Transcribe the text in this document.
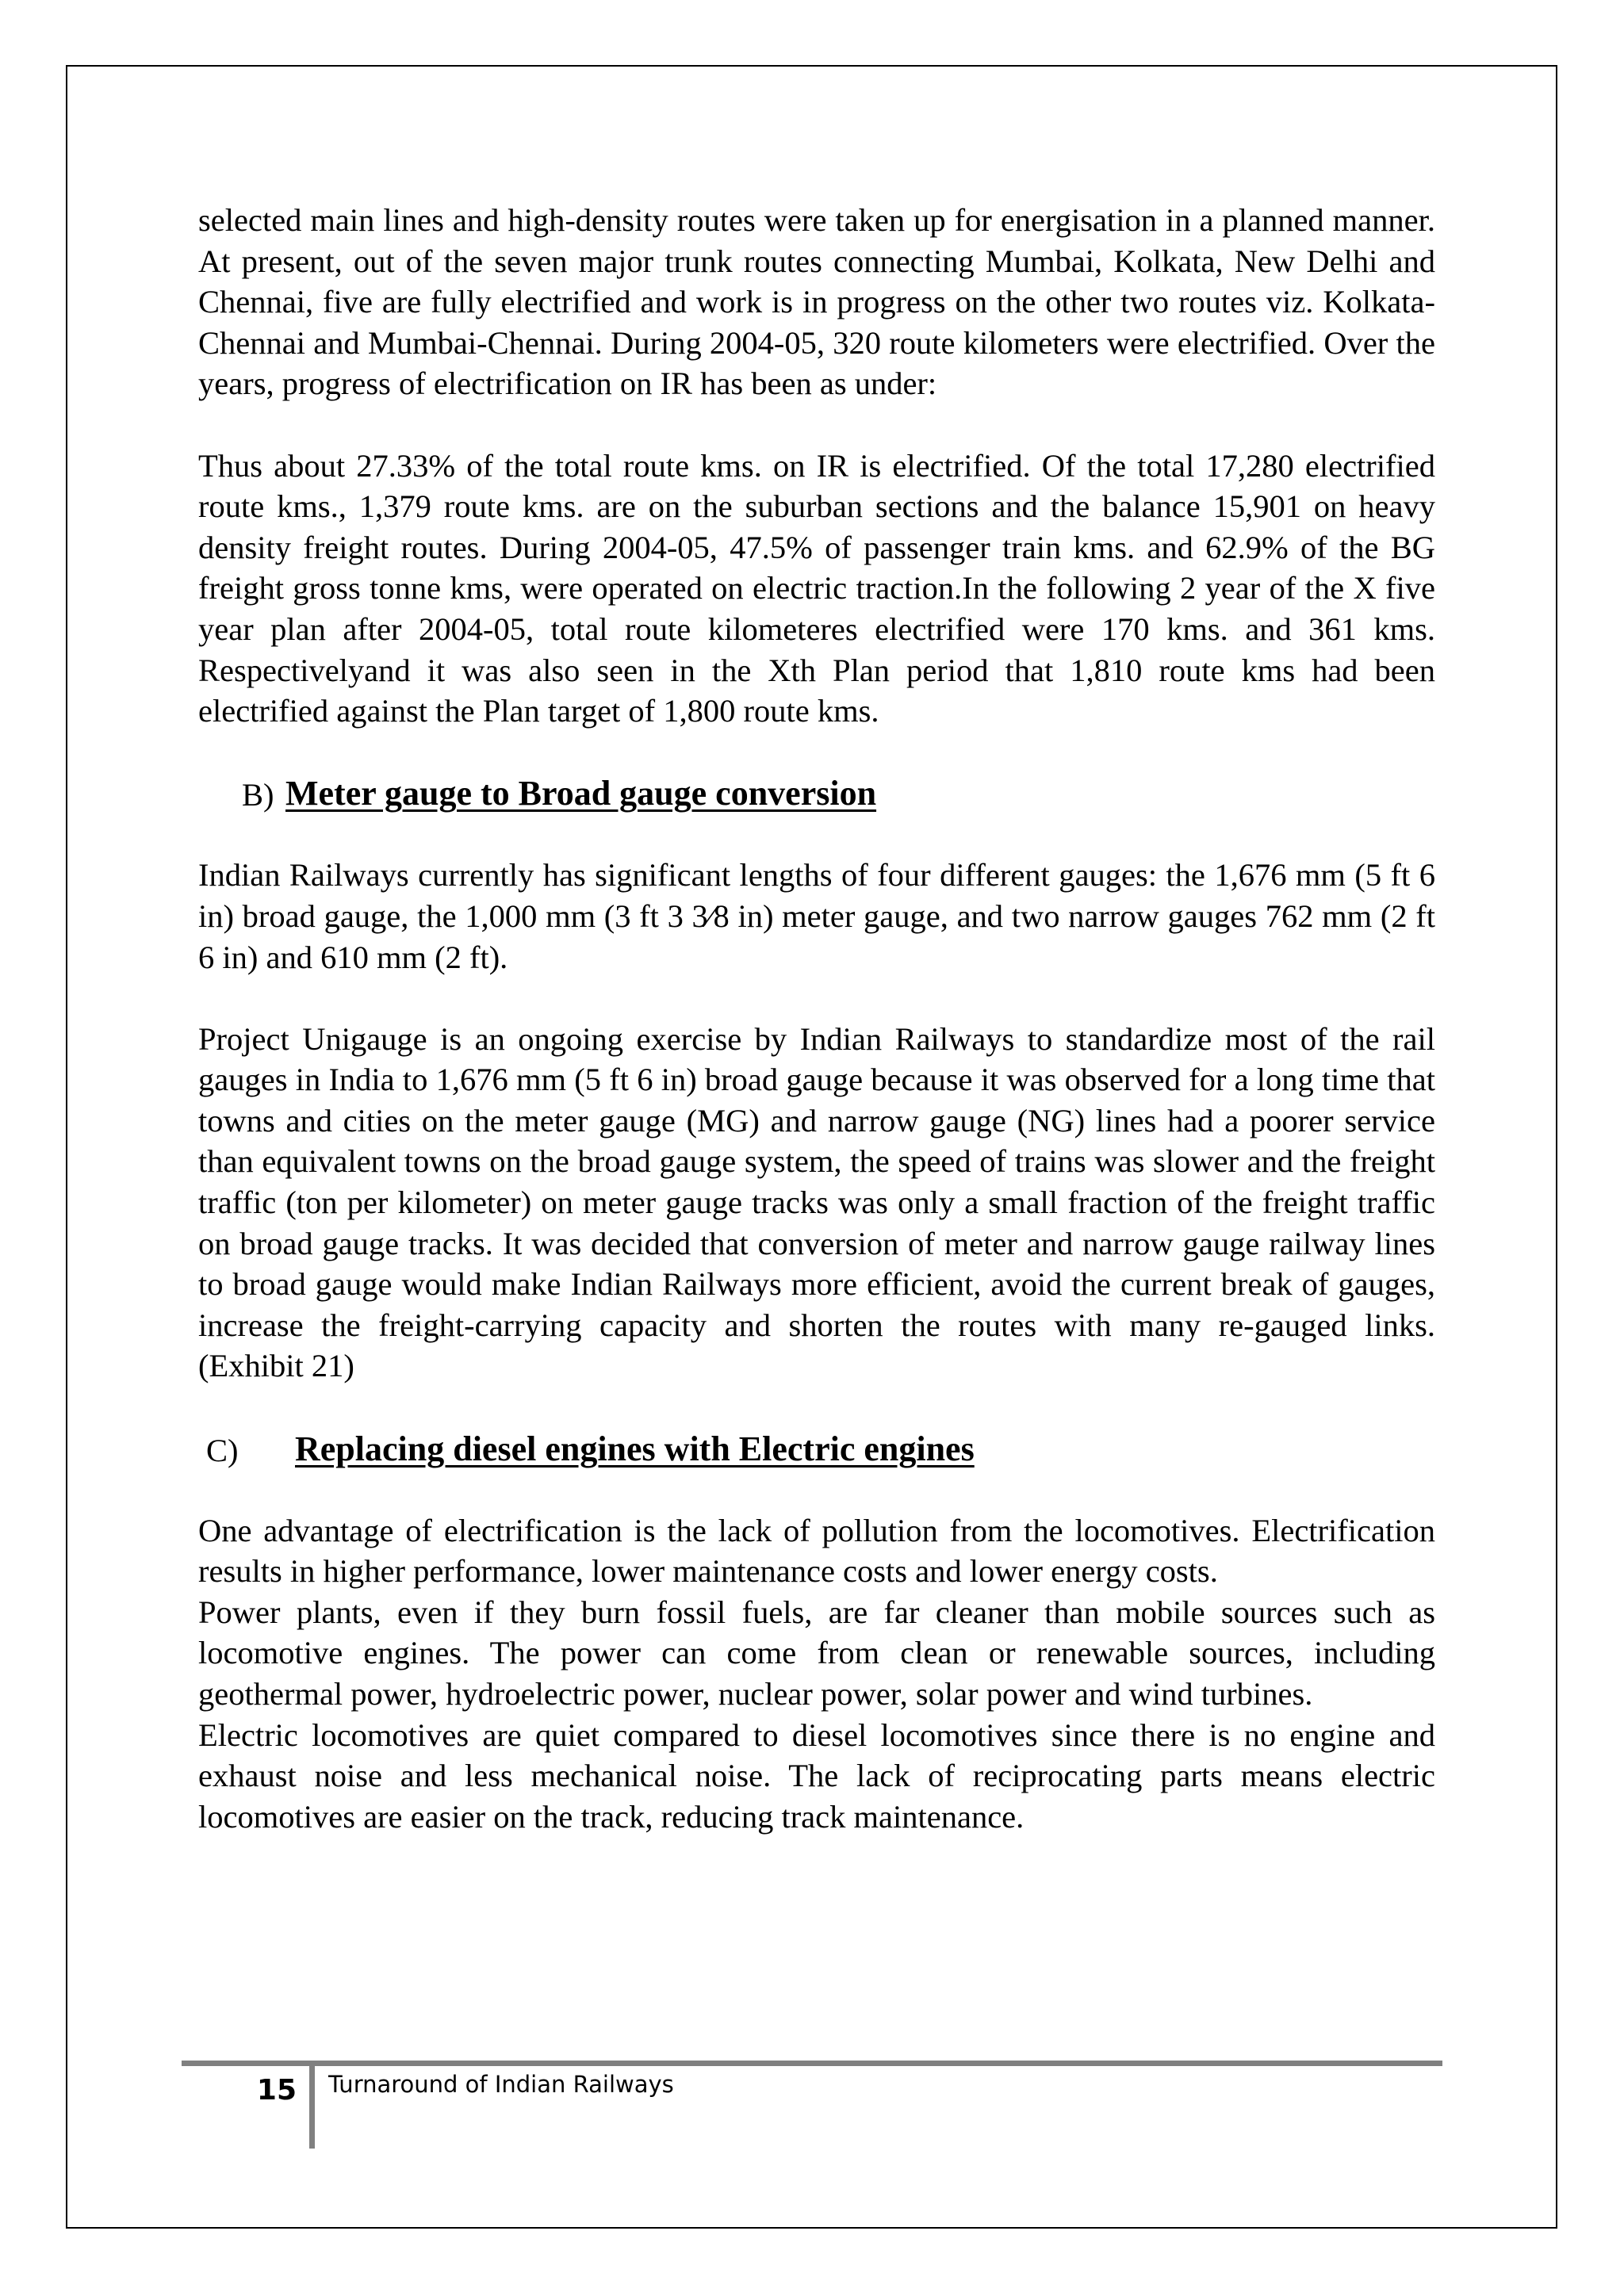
selected main lines and high-density routes were taken up for energisation in a planned manner. At present, out of the seven major trunk routes connecting Mumbai, Kolkata, New Delhi and Chennai, five are fully electrified and work is in progress on the other two routes viz. Kolkata-Chennai and Mumbai-Chennai. During 2004-05, 320 route kilometers were electrified. Over the years, progress of electrification on IR has been as under:

Thus about 27.33% of the total route kms. on IR is electrified. Of the total 17,280 electrified route kms., 1,379 route kms. are on the suburban sections and the balance 15,901 on heavy density freight routes. During 2004-05, 47.5% of passenger train kms. and 62.9% of the BG freight gross tonne kms, were operated on electric traction.In the following 2 year of the X five year plan after 2004-05, total route kilometeres electrified were 170 kms. and 361 kms. Respectivelyand it was also seen in the Xth Plan period that 1,810 route kms had been electrified against the Plan target of 1,800 route kms.

B) Meter gauge to Broad gauge conversion

Indian Railways currently has significant lengths of four different gauges: the 1,676 mm (5 ft 6 in) broad gauge, the 1,000 mm (3 ft 3 3⁄8 in) meter gauge, and two narrow gauges 762 mm (2 ft 6 in) and 610 mm (2 ft).

Project Unigauge is an ongoing exercise by Indian Railways to standardize most of the rail gauges in India to 1,676 mm (5 ft 6 in) broad gauge because it was observed for a long time that towns and cities on the meter gauge (MG) and narrow gauge (NG) lines had a poorer service than equivalent towns on the broad gauge system, the speed of trains was slower and the freight traffic (ton per kilometer) on meter gauge tracks was only a small fraction of the freight traffic on broad gauge tracks. It was decided that conversion of meter and narrow gauge railway lines to broad gauge would make Indian Railways more efficient, avoid the current break of gauges, increase the freight-carrying capacity and shorten the routes with many re-gauged links. (Exhibit 21)

C) Replacing diesel engines with Electric engines

One advantage of electrification is the lack of pollution from the locomotives. Electrification results in higher performance, lower maintenance costs and lower energy costs.

Power plants, even if they burn fossil fuels, are far cleaner than mobile sources such as locomotive engines. The power can come from clean or renewable sources, including geothermal power, hydroelectric power, nuclear power, solar power and wind turbines.

Electric locomotives are quiet compared to diesel locomotives since there is no engine and exhaust noise and less mechanical noise. The lack of reciprocating parts means electric locomotives are easier on the track, reducing track maintenance.

15 Turnaround of Indian Railways
